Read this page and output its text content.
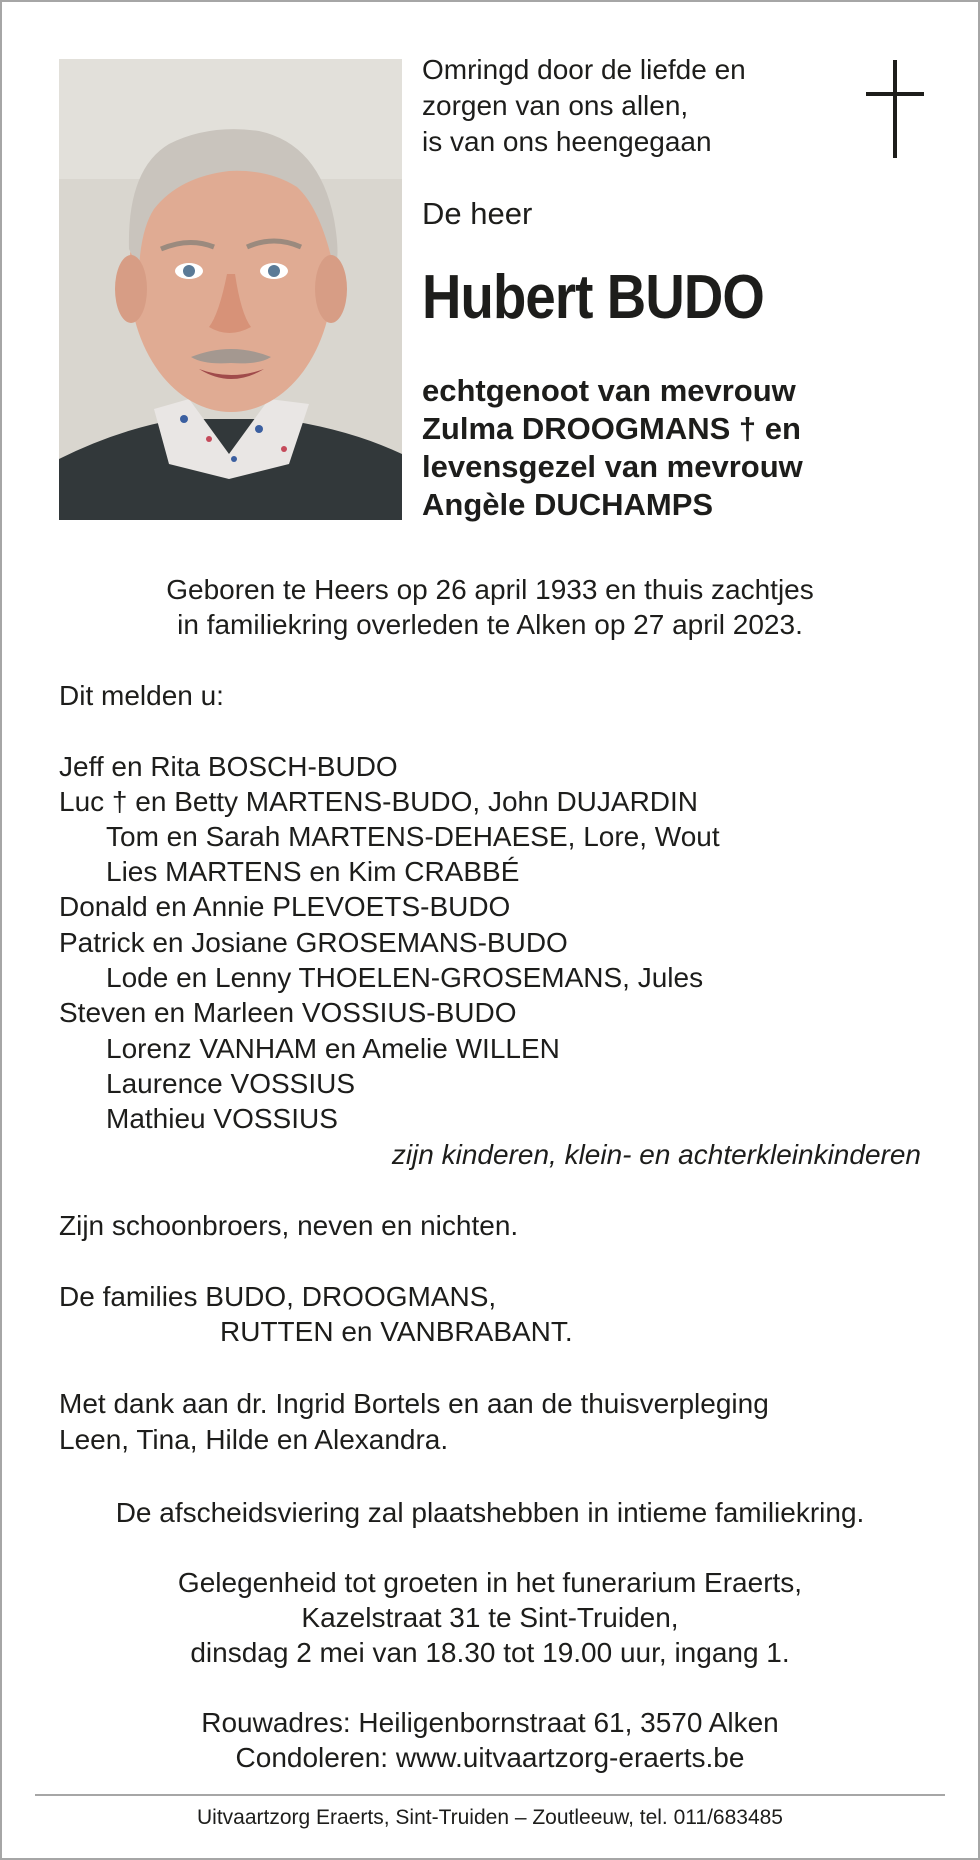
Omringd door de liefde en
zorgen van ons allen,
is van ons heengegaan
De heer
Hubert BUDO
echtgenoot van mevrouw
Zulma DROOGMANS † en
levensgezel van mevrouw
Angèle DUCHAMPS
Geboren te Heers op 26 april 1933 en thuis zachtjes
in familiekring overleden te Alken op 27 april 2023.
Dit melden u:
Jeff en Rita BOSCH-BUDO
Luc † en Betty MARTENS-BUDO, John DUJARDIN
Tom en Sarah MARTENS-DEHAESE, Lore, Wout
Lies MARTENS en Kim CRABBÉ
Donald en Annie PLEVOETS-BUDO
Patrick en Josiane GROSEMANS-BUDO
Lode en Lenny THOELEN-GROSEMANS, Jules
Steven en Marleen VOSSIUS-BUDO
Lorenz VANHAM en Amelie WILLEN
Laurence VOSSIUS
Mathieu VOSSIUS
zijn kinderen, klein- en achterkleinkinderen
Zijn schoonbroers, neven en nichten.
De families BUDO, DROOGMANS,
RUTTEN en VANBRABANT.
Met dank aan dr. Ingrid Bortels en aan de thuisverpleging
Leen, Tina, Hilde en Alexandra.
De afscheidsviering zal plaatshebben in intieme familiekring.
Gelegenheid tot groeten in het funerarium Eraerts,
Kazelstraat 31 te Sint-Truiden,
dinsdag 2 mei van 18.30 tot 19.00 uur, ingang 1.
Rouwadres: Heiligenbornstraat 61, 3570 Alken
Condoleren: www.uitvaartzorg-eraerts.be
Uitvaartzorg Eraerts, Sint-Truiden – Zoutleeuw, tel. 011/683485
